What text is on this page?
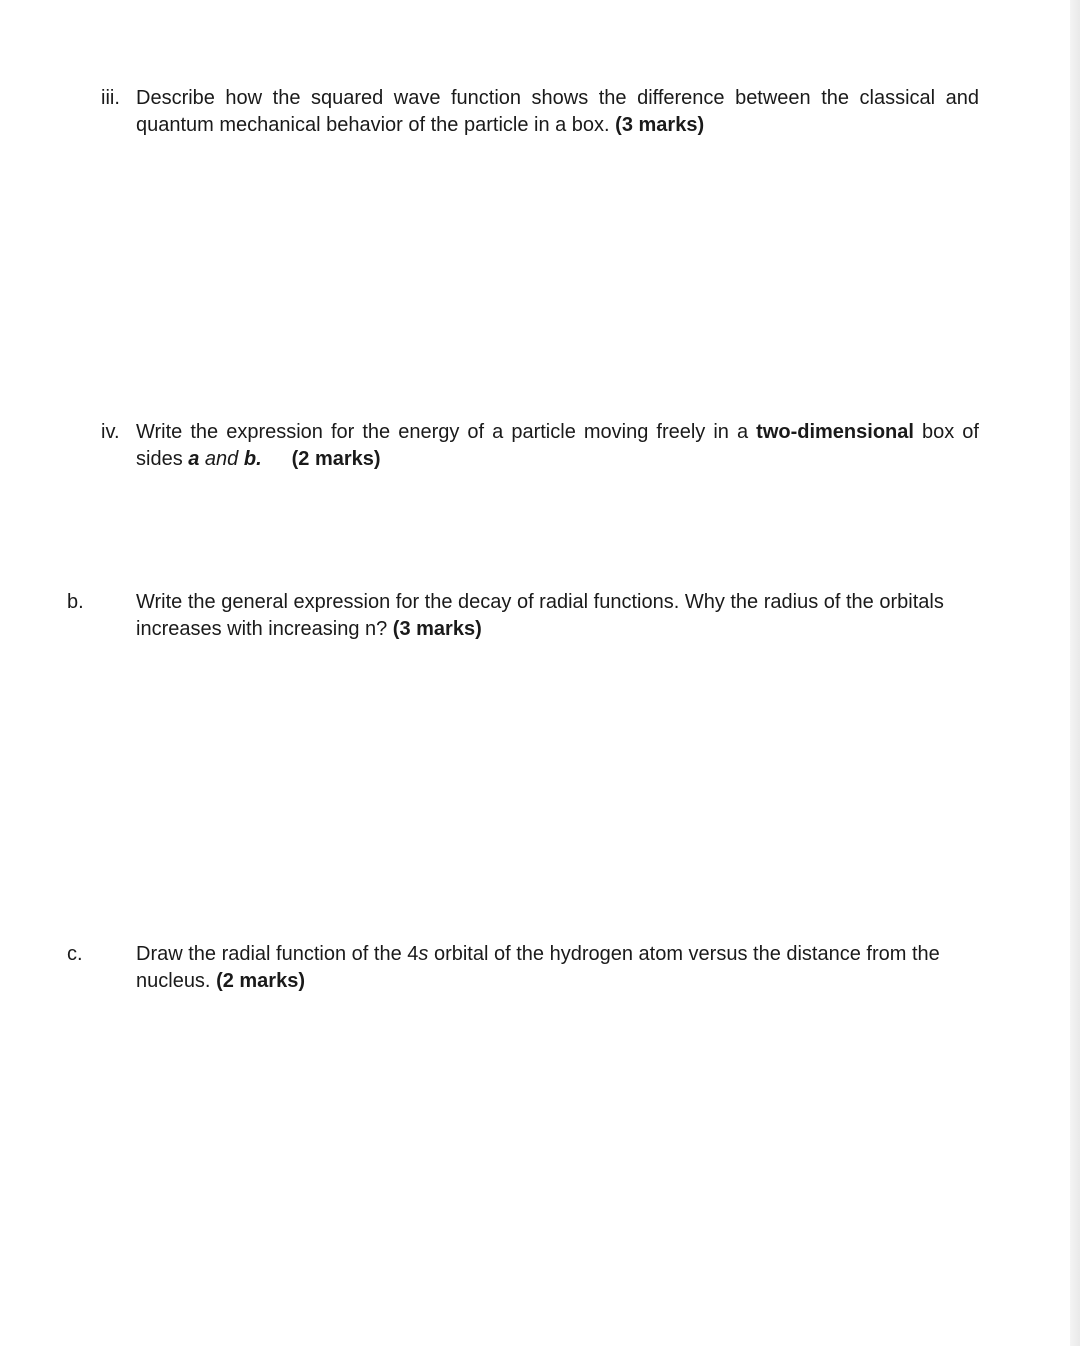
iii. Describe how the squared wave function shows the difference between the classical and
quantum mechanical behavior of the particle in a box. (3 marks)
iv. Write the expression for the energy of a particle moving freely in a two-dimensional box of
sides a and b. (2 marks)
b.	Write the general expression for the decay of radial functions. Why the radius of the orbitals
increases with increasing n? (3 marks)
c.	Draw the radial function of the 4s orbital of the hydrogen atom versus the distance from the
nucleus. (2 marks)
